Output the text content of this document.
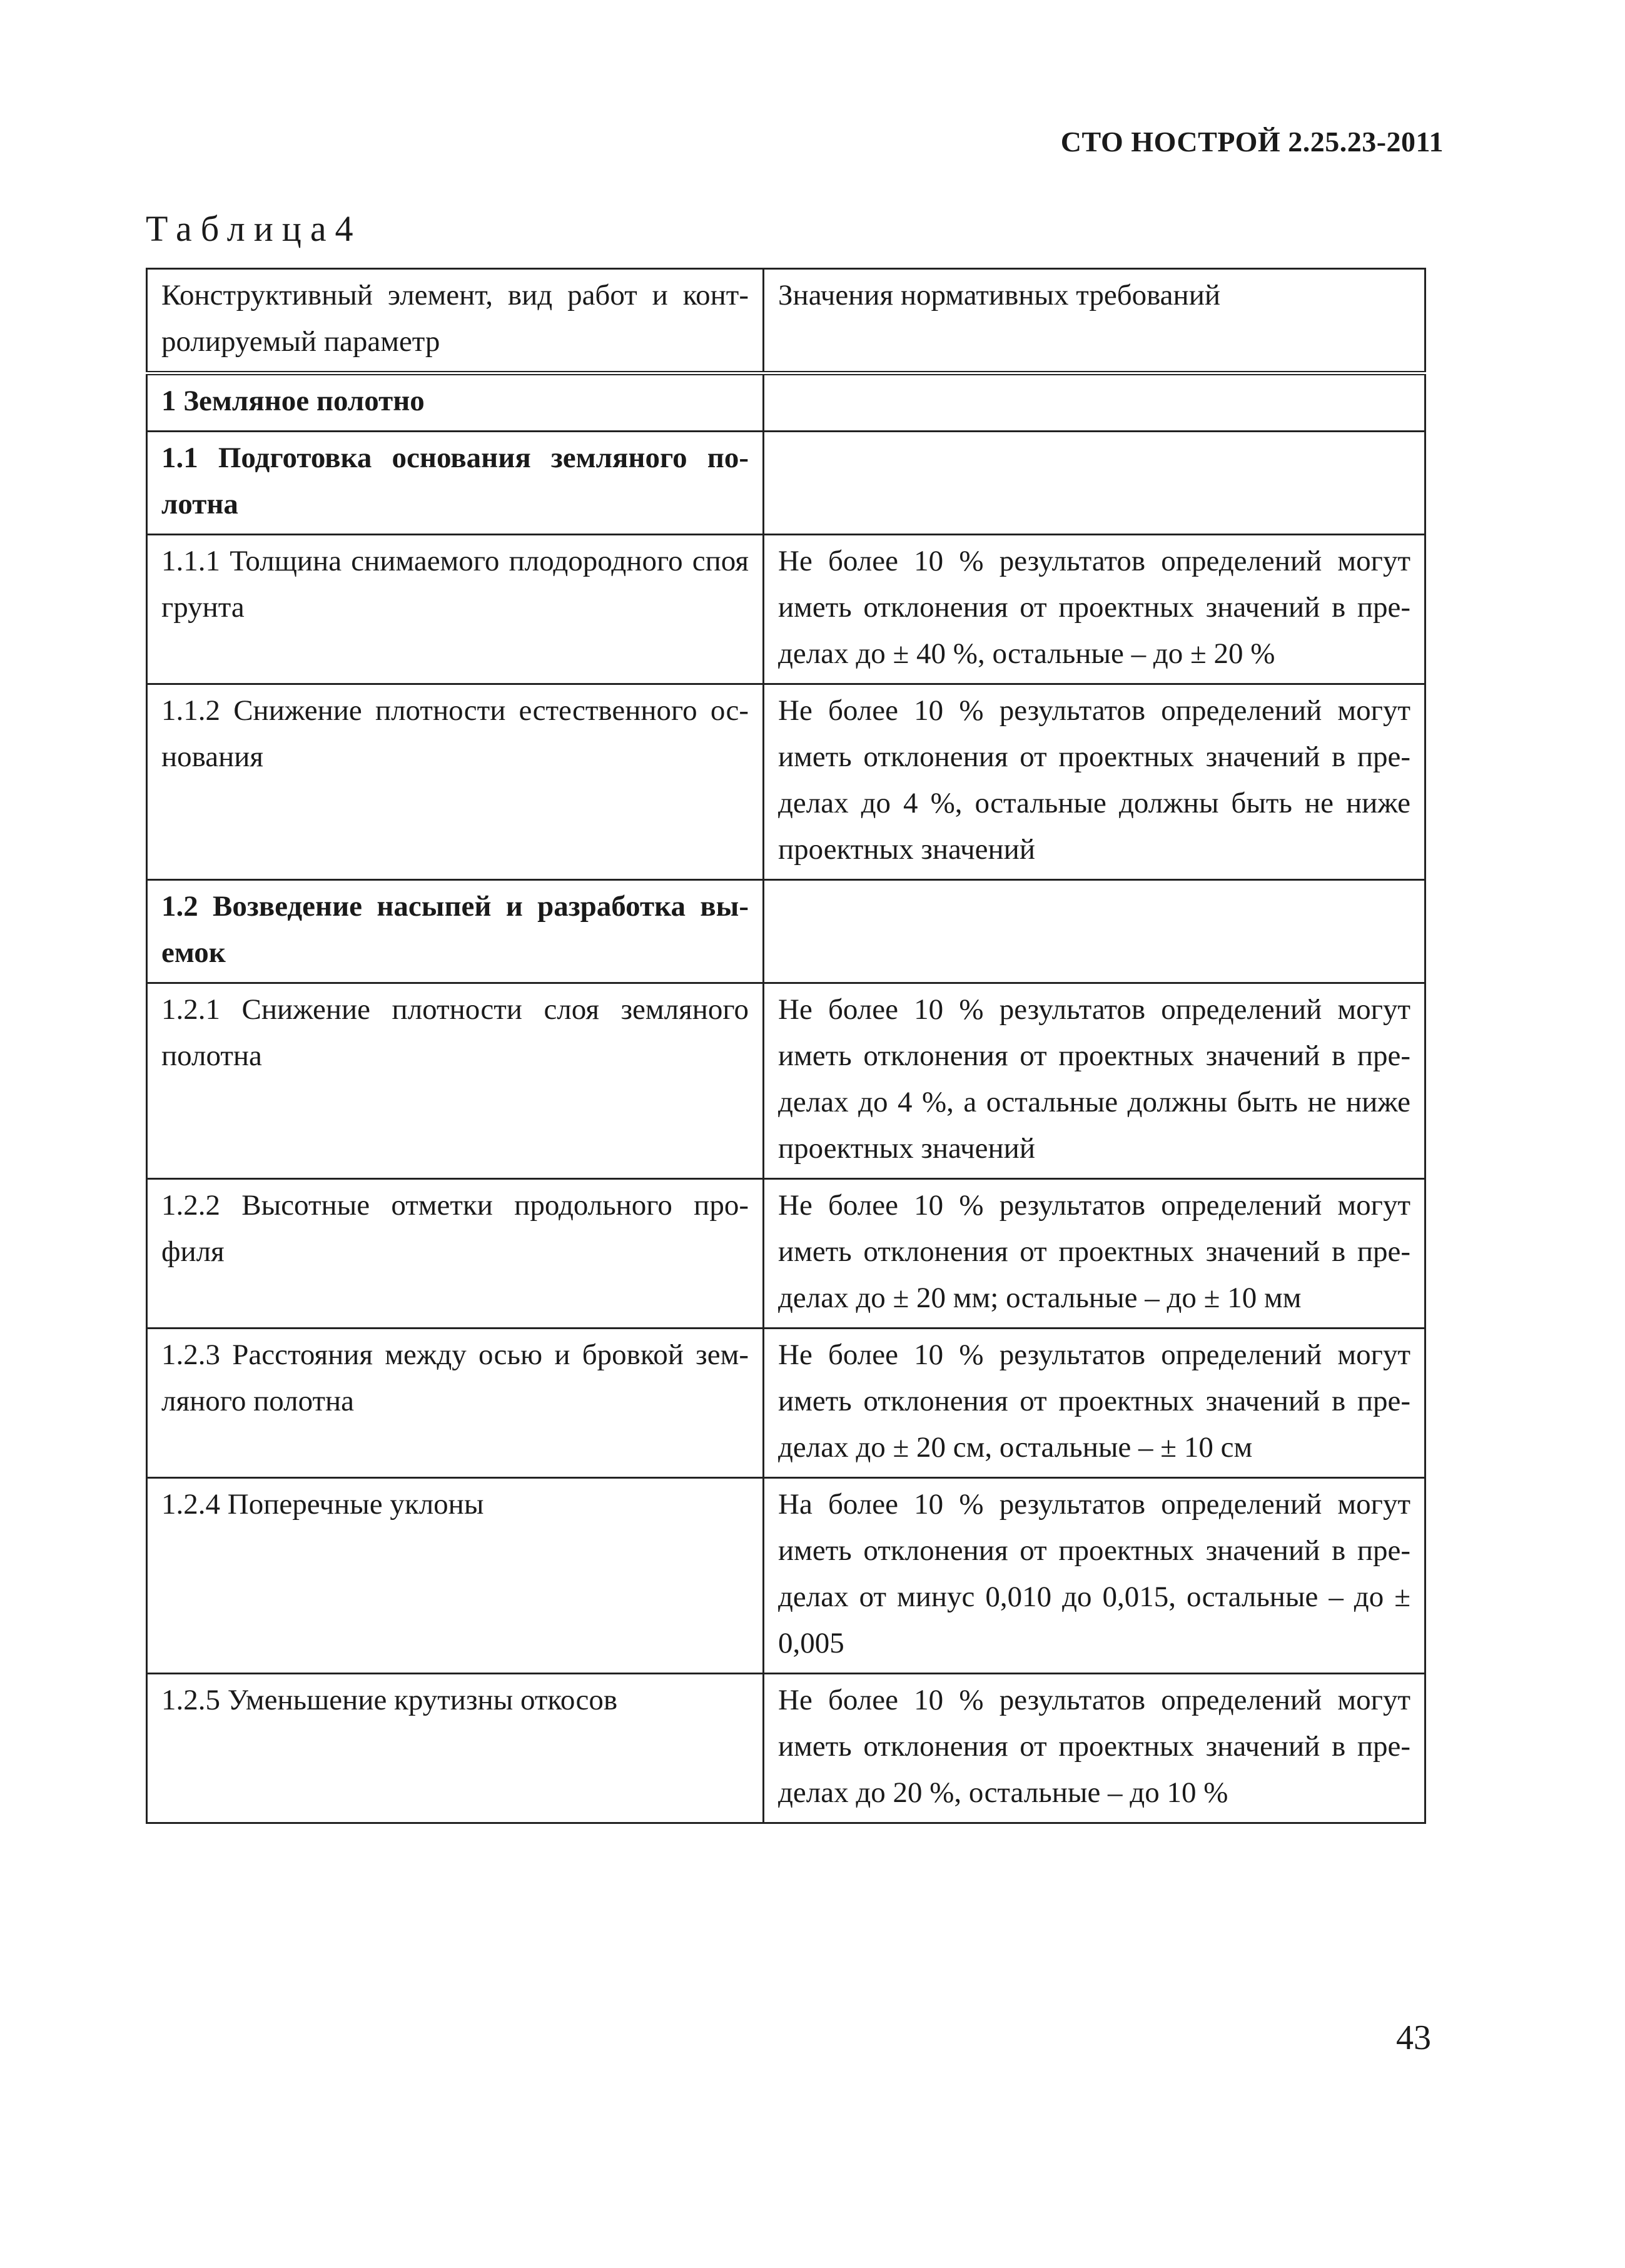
СТО НОСТРОЙ 2.25.23-2011

Таблица4

Конструктивный элемент, вид работ и конт-ролируемый параметр	Значения нормативных требований
1 Земляное полотно	
1.1 Подготовка основания земляного по-лотна	
1.1.1 Толщина снимаемого плодородного споя грунта	Не более 10 % результатов определений могут иметь отклонения от проектных значений в пре-делах до ± 40 %, остальные – до ± 20 %
1.1.2 Снижение плотности естественного ос-нования	Не более 10 % результатов определений могут иметь отклонения от проектных значений в пре-делах до 4 %, остальные должны быть не ниже проектных значений
1.2 Возведение насыпей и разработка вы-емок	
1.2.1 Снижение плотности слоя земляного полотна	Не более 10 % результатов определений могут иметь отклонения от проектных значений в пре-делах до 4 %, а остальные должны быть не ниже проектных значений
1.2.2 Высотные отметки продольного про-филя	Не более 10 % результатов определений могут иметь отклонения от проектных значений в пре-делах до ± 20 мм; остальные – до ± 10 мм
1.2.3 Расстояния между осью и бровкой зем-ляного полотна	Не более 10 % результатов определений могут иметь отклонения от проектных значений в пре-делах до ± 20 см, остальные – ± 10 см
1.2.4 Поперечные уклоны	На более 10 % результатов определений могут иметь отклонения от проектных значений в пре-делах от минус 0,010 до 0,015, остальные – до ± 0,005
1.2.5 Уменьшение крутизны откосов	Не более 10 % результатов определений могут иметь отклонения от проектных значений в пре-делах до 20 %, остальные – до 10 %

43
